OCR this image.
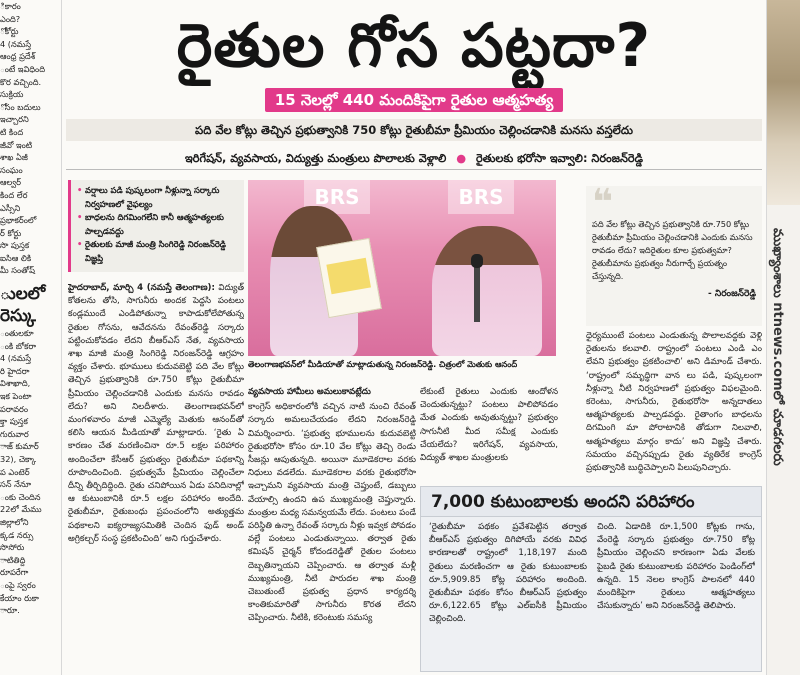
ికారం

ఎంది?

ోకోర్టు

4 (నమస్తే

ఆంధ్ర ప్రదేశ్

ంటే ఇవిధింది

కొర వచ్చింది.

సుక్రియ

ోసం బదులు

ఇచ్చారని

టి కింద

జీవో ఇంటి

శాఖ ఏజీ

సంఘం

ఆల్వర్

కింద లేర

ఎస్సీని

ప్రభాకర్ంలో

ర్ కోర్టు

సొ పుస్తక

ఐసిఆ లికి

మీ సంతోష్

ులలో

రెస్కు

ంతులకూ

ంకి బోకరా

4 (నమస్తే

రి హైదరా

విశాఖాది,

ఇక పెంటా

పరావరం

క్తా పుస్తక

గురువార

ాజ్ కుమార్

32), చెక్కా

ప ఎంటెర్

సన్ నేనూ

ంకు చెందిన

22లో మేము

జిల్లాలోని

క్కడ నర్సు

సొసోరు

ాటితిద్ది

రూపరేగా

ంపై స్వరం

కేయాం రుకా

ారూ.

ముఖ్యాంశాలు ntnews.comలో చూడగలరు
రైతుల గోస పట్టదా?
15 నెలల్లో 440 మందికిపైగా రైతుల ఆత్మహత్య
పది వేల కోట్లు తెచ్చిన ప్రభుత్వానికి 750 కోట్లు రైతుబీమా ప్రీమియం చెల్లించడానికి మనసు వస్తలేదు
ఇరిగేషన్, వ్యవసాయ, విద్యుత్తు మంత్రులు పొలాలకు వెళ్లాలి ● రైతులకు భరోసా ఇవ్వాలి: నిరంజన్‌రెడ్డి
• వర్షాలు పడి పుష్కలంగా నీళ్లున్నా సర్కారు నిర్వహణలో వైఫల్యం
• బాధలను దిగమింగలేని కానీ ఆత్మహత్యలకు పాల్పడవద్దు
• రైతులకు మాజీ మంత్రి సింగిరెడ్డి నిరంజన్‌రెడ్డి విజ్ఞప్తి
BRS	BRS
తెలంగాణభవన్‌లో మీడియాతో మాట్లాడుతున్న నిరంజన్‌రెడ్డి. చిత్రంలో మెతుకు ఆనంద్
❝

పది వేల కోట్లు తెచ్చిన ప్రభుత్వానికి రూ.750 కోట్లు రైతుబీమా ప్రీమియం చెల్లించడానికి ఎందుకు మనసు రావడం లేదు? ఇదిరైతుల కూల ప్రభుత్వమా? రైతుబీమాను ప్రభుత్వం నీరుగార్చే ప్రయత్నం చేస్తున్నది.

- నిరంజన్‌రెడ్డి

హైదరాబాద్, మార్చి 4 (నమస్తే తెలంగాణ): విద్యుత్ కోతలను తోసి, సాగునీరు అందక పెద్దసి పంటలు కండ్లముందే ఎండిపోతున్నా కాపాడుకోలేపోతున్న రైతుల గోసను, ఆవేదనను రేవంత్‌రెడ్డి సర్కారు పట్టించుకోవడం లేదని బీఆర్‌ఎస్ నేత, వ్యవసాయ శాఖ మాజీ మంత్రి సింగిరెడ్డి నిరంజన్‌రెడ్డి ఆగ్రహం వ్యక్తం చేశారు. భూములు కుదువబెట్టి పది వేల కోట్లు తెచ్చిన ప్రభుత్వానికి రూ.750 కోట్లు రైతుబీమా ప్రీమియం చెల్లించడానికి ఎందుకు మనసు రావడం లేదు? అని నిలదీశారు. తెలంగాణభవన్‌లో మంగళవారం మాజీ ఎమ్మెల్యే మెతుకు ఆనంద్‌తో కలిసి ఆయన మీడియాతో మాట్లాడారు. ‘రైతు ఏ కారణం చేత మరణించినా రూ.5 లక్షల పరిహారం అందించేలా కేసీఆర్ ప్రభుత్వం రైతుబీమా పథకాన్ని రూపొందించింది. ప్రభుత్వమే ప్రీమియం చెల్లించేలా దీన్ని తీర్చిదిద్దింది. రైతు చనిపోయిన ఏడు పనిదినాల్లో ఆ కుటుంబానికి రూ.5 లక్షల పరిహారం అందేది. రైతుబీమా, రైతుబంధు ప్రపంచంలోని అత్యుత్తమ పథకాలని ఐక్యరాజ్యసమితికి చెందిన ఫుడ్ అండ్ అగ్రికల్చర్ సంస్థ ప్రకటించింది’ అని గుర్తుచేశారు.

వ్యవసాయ హామీలు అమలుకావట్లేదు

కాంగ్రెస్ అధికారంలోకి వచ్చిన నాటి నుంచి రేవంత్ సర్కారు అమలుచేయడం లేదని నిరంజన్‌రెడ్డి విమర్శించారు. ‘ప్రభుత్వ భూములను కుదువబెట్టి రైతుభరోసా కోసం రూ.10 వేల కోట్లు తెచ్చి రెండు సీజన్లు ఆపుతున్నది. అయినా మూడెకరాల వరకు నిధులు వడలేదు. మూడెకరాల వరకు రైతుభరోసా ఇచ్చామని వ్యవసాయ మంత్రి చెప్తుంటే, డబ్బులు వేయాల్సి ఉందని ఉప ముఖ్యమంత్రి చెప్తున్నారు. మంత్రుల మధ్య సమన్వయమే లేదు. పంటలు పండే పరిస్థితి ఉన్నా రేవంత్ సర్కారు నీళ్లు ఇవ్వక పోవడం వల్లే పంటలు ఎండుతున్నాయి. తర్వాత రైతు కమిషన్ చైర్మన్ కోదండరెడ్డితో రైతుల పంటలు దెబ్బతిన్నాయని చెప్పించారు. ఆ తర్వాత మళ్లీ ముఖ్యమంత్రి, నీటి పారుదల శాఖ మంత్రి చెబుతుంటే ప్రభుత్వ ప్రధాన కార్యదర్శి కాంతికుమారితో సాగునీరు కొరత లేదని చెప్పించారు. నీటికి, కరెంటుకు సమస్య

లేకుంటే రైతులు ఎందుకు ఆందోళన చెందుతున్నట్టు? పంటలు పాలిపోవడం మేత ఎందుకు అవుతున్నట్టు? ప్రభుత్వం సాగునీటి మీద సమీక్ష ఎందుకు చేయలేదు? ఇరిగేషన్, వ్యవసాయ, విద్యుత్ శాఖల మంత్రులకు

ధైర్యముంటే పంటలు ఎండుతున్న పొలాలవద్దకు వెళ్లి రైతులను కలవాలి. రాష్ట్రంలో పంటలు ఎండి ఎం లేవని ప్రభుత్వం ప్రకటించాలి’ అని డిమాండ్ చేశారు. ‘రాష్ట్రంలో సమృద్ధిగా వాన లు పడి, పుష్కలంగా నీళ్లున్నా నీటి నిర్వహణలో ప్రభుత్వం విఫలమైంది. కరెంటు, సాగునీరు, రైతుభరోసా అన్నదాతలు ఆత్మహత్యలకు పాల్పడవద్దు. రైతాంగం బాధలను దిగమింగి మా పోరాటానికి తోడుగా నిలవాలి, ఆత్మహత్యలు మార్గం కాదు’ అని విజ్ఞప్తి చేశారు. సమయం వచ్చినప్పుడు రైతు వ్యతిరేక కాంగ్రెస్ ప్రభుత్వానికి బుద్ధిచెప్పాలని పిలుపునిచ్చారు.

7,000 కుటుంబాలకు అందని పరిహారం

‘రైతుబీమా పథకం ప్రవేశపెట్టిన తర్వాత బీఆర్‌ఎస్ ప్రభుత్వం దిగిపోయే వరకు వివిధ కారణాలతో రాష్ట్రంలో 1,18,197 మంది రైతులు మరణించగా ఆ రైతు కుటుంబాలకు రూ.5,909.85 కోట్ల పరిహారం అందింది. రైతుబీమా పథకం కోసం బీఆర్‌ఎస్ ప్రభుత్వం రూ.6,122.65 కోట్లు ఎల్‌ఐసీకి ప్రీమియం చెల్లించింది.

చింది. ఏడాదికి రూ.1,500 కోట్లకు గాను, వేంరెడ్డి సర్కారు ప్రభుత్వం రూ.750 కోట్ల ప్రీమియం చెల్లించని కారణంగా ఏడు వేలకు పైబడి రైతు కుటుంబాలకు పరిహారం పెండింగ్‌లో ఉన్నది. 15 నెలల కాంగ్రెస్ పాలనలో 440 మందికిపైగా రైతులు ఆత్మహత్యలు చేసుకున్నారు’ అని నిరంజన్‌రెడ్డి తెలిపారు.
